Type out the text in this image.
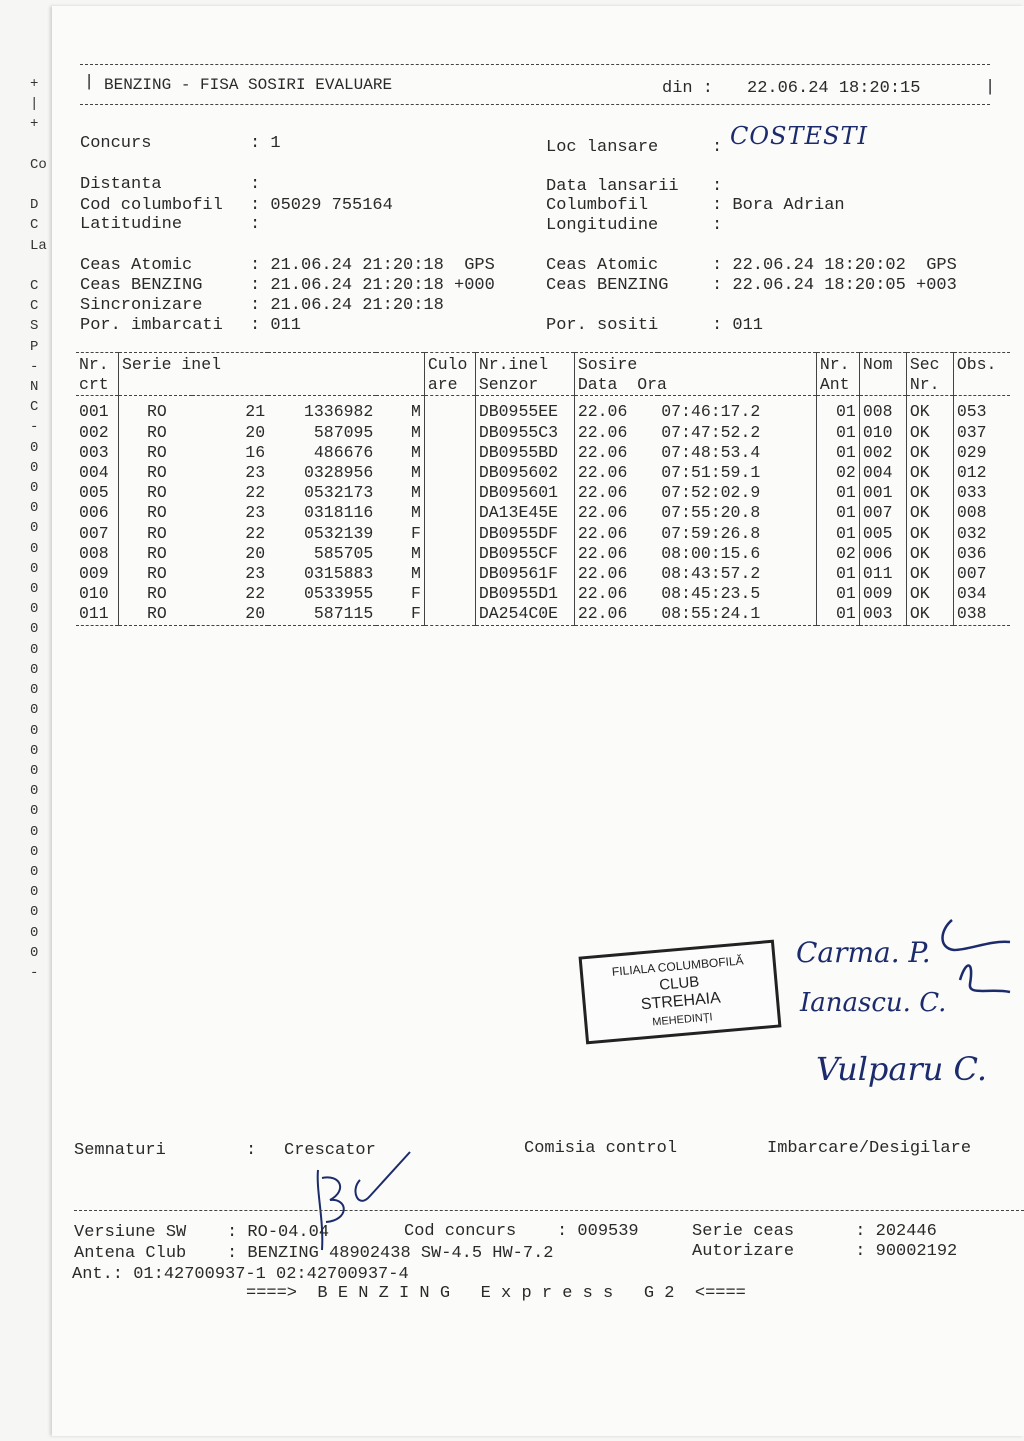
+
|
+

Co

D
C
La

C
C
S
P
-
N
C
-
0
0
0
0
0
0
0
0
0
0
0
0
0
0
0
0
0
0
0
0
0
0
0
0
0
0
-
| BENZING - FISA SOSIRI EVALUARE	din : 22.06.24 18:20:15	|
Concurs	: 1
Distanta	:
Cod columbofil : 05029 755164
Latitudine	:
Ceas Atomic	: 21.06.24 21:20:18  GPS
Ceas BENZING	: 21.06.24 21:20:18 +000
Sincronizare	: 21.06.24 21:20:18
Por. imbarcati : 011
Loc lansare	: COSTESTI
Data lansarii :
Columbofil	: Bora Adrian
Longitudine	:
Ceas Atomic	: 22.06.24 18:20:02  GPS
Ceas BENZING	: 22.06.24 18:20:05 +003
Por. sositi	: 011
Nr.	Serie inel				Culo	Nr.inel	Sosire		Nr.	Nom	Sec	Obs.
crt					are	Senzor	Data  Ora		Ant		Nr.	
001	RO	21	1336982	M		DB0955EE	22.06	07:46:17.2	01	008	OK	053
002	RO	20	587095	M		DB0955C3	22.06	07:47:52.2	01	010	OK	037
003	RO	16	486676	M		DB0955BD	22.06	07:48:53.4	01	002	OK	029
004	RO	23	0328956	M		DB095602	22.06	07:51:59.1	02	004	OK	012
005	RO	22	0532173	M		DB095601	22.06	07:52:02.9	01	001	OK	033
006	RO	23	0318116	M		DA13E45E	22.06	07:55:20.8	01	007	OK	008
007	RO	22	0532139	F		DB0955DF	22.06	07:59:26.8	01	005	OK	032
008	RO	20	585705	M		DB0955CF	22.06	08:00:15.6	02	006	OK	036
009	RO	23	0315883	M		DB09561F	22.06	08:43:57.2	01	011	OK	007
010	RO	22	0533955	F		DB0955D1	22.06	08:45:23.5	01	009	OK	034
011	RO	20	587115	F		DA254C0E	22.06	08:55:24.1	01	003	OK	038
FILIALA COLUMBOFILĂ
CLUB
STREHAIA
MEHEDINȚI
Carma. P.
Ianascu. C.
Vulparu C.
Semnaturi	: Crescator	Comisia control	Imbarcare/Desigilare
Versiune SW    : RO-04.04	Cod concurs    : 009539	Serie ceas      : 202446
Antena Club    : BENZING 48902438 SW-4.5 HW-7.2	Autorizare      : 90002192
Ant.: 01:42700937-1 02:42700937-4
====>  B E N Z I N G   E x p r e s s   G 2  <====
